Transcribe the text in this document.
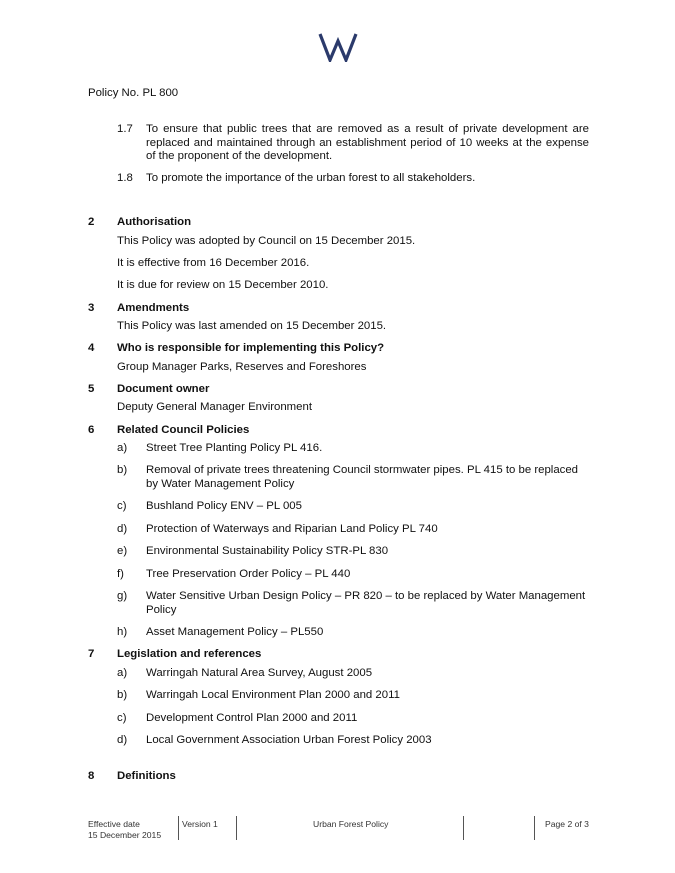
Policy No. PL 800
1.7 To ensure that public trees that are removed as a result of private development are replaced and maintained through an establishment period of 10 weeks at the expense of the proponent of the development.
1.8 To promote the importance of the urban forest to all stakeholders.
2 Authorisation
This Policy was adopted by Council on 15 December 2015.
It is effective from 16 December 2016.
It is due for review on 15 December 2010.
3 Amendments
This Policy was last amended on 15 December 2015.
4 Who is responsible for implementing this Policy?
Group Manager Parks, Reserves and Foreshores
5 Document owner
Deputy General Manager Environment
6 Related Council Policies
a) Street Tree Planting Policy PL 416.
b) Removal of private trees threatening Council stormwater pipes. PL 415 to be replaced by Water Management Policy
c) Bushland Policy ENV – PL 005
d) Protection of Waterways and Riparian Land Policy PL 740
e) Environmental Sustainability Policy STR-PL 830
f) Tree Preservation Order Policy – PL 440
g) Water Sensitive Urban Design Policy – PR 820 – to be replaced by Water Management Policy
h) Asset Management Policy – PL550
7 Legislation and references
a) Warringah Natural Area Survey, August 2005
b) Warringah Local Environment Plan 2000 and 2011
c) Development Control Plan 2000 and 2011
d) Local Government Association Urban Forest Policy 2003
8 Definitions
Effective date
15 December 2015
Version 1	Urban Forest Policy	Page 2 of 3
